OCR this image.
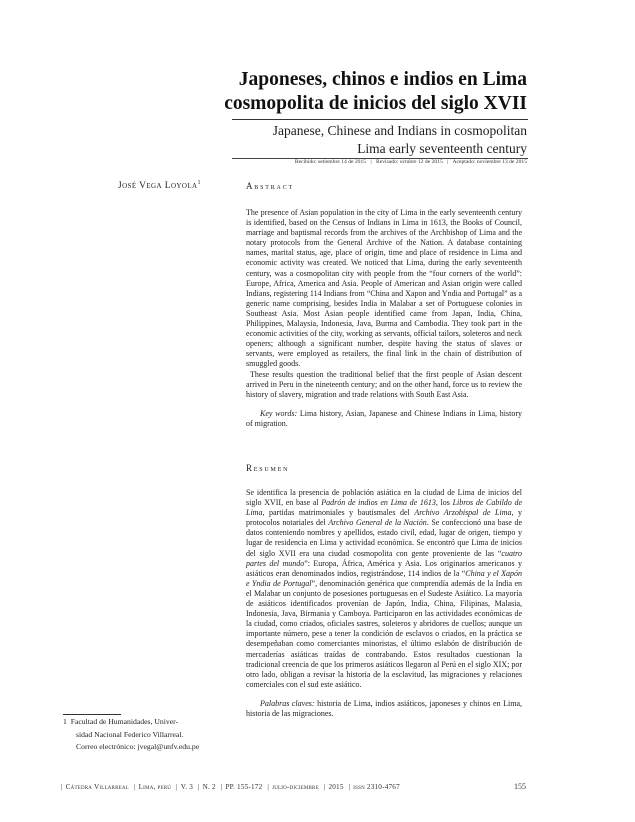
Japoneses, chinos e indios en Lima
cosmopolita de inicios del siglo XVII
Japanese, Chinese and Indians in cosmopolitan
Lima early seventeenth century
Recibido: setiembre 14 de 2015 | Revisado: octubre 12 de 2015 | Aceptado: noviembre 13 de 2015
José Vega Loyola$^1$	Abstract

The presence of Asian population in the city of Lima in the early seventeenth century is identified, based on the Census of Indians in Lima in 1613, the Books of Council, marriage and baptismal records from the archives of the Archbishop of Lima and the notary protocols from the General Archive of the Nation. A database containing names, marital status, age, place of origin, time and place of residence in Lima and economic activity was created. We noticed that Lima, during the early seventeenth century, was a cosmopolitan city with people from the “four corners of the world”: Europe, Africa, America and Asia. People of American and Asian origin were called Indians, registering 114 Indians from “China and Xapon and Yndia and Portugal” as a generic name comprising, besides India in Malabar a set of Portuguese colonies in Southeast Asia. Most Asian people identified came from Japan, India, China, Philippines, Malaysia, Indonesia, Java, Burma and Cambodia. They took part in the economic activities of the city, working as servants, official tailors, soleteros and neck openers; although a significant number, despite having the status of slaves or servants, were employed as retailers, the final link in the chain of distribution of smuggled goods.

These results question the traditional belief that the first people of Asian descent arrived in Peru in the nineteenth century; and on the other hand, force us to review the history of slavery, migration and trade relations with South East Asia.

Key words: Lima history, Asian, Japanese and Chinese Indians in Lima, history of migration.

Resumen

Se identifica la presencia de población asiática en la ciudad de Lima de inicios del siglo XVII, en base al Padrón de indios en Lima de 1613, los Libros de Cabildo de Lima, partidas matrimoniales y bautismales del Archivo Arzobispal de Lima, y protocolos notariales del Archivo General de la Nación. Se confeccionó una base de datos conteniendo nombres y apellidos, estado civil, edad, lugar de origen, tiempo y lugar de residencia en Lima y actividad económica. Se encontró que Lima de inicios del siglo XVII era una ciudad cosmopolita con gente proveniente de las “cuatro partes del mundo”: Europa, África, América y Asia. Los originarios americanos y asiáticos eran denominados indios, registrándose, 114 indios de la “China y el Xapón e Yndia de Portugal”, denominación genérica que comprendía además de la India en el Malabar un conjunto de posesiones portuguesas en el Sudeste Asiático. La mayoría de asiáticos identificados provenían de Japón, India, China, Filipinas, Malasia, Indonesia, Java, Birmania y Camboya. Participaron en las actividades económicas de la ciudad, como criados, oficiales sastres, soleteros y abridores de cuellos; aunque un importante número, pese a tener la condición de esclavos o criados, en la práctica se desempeñaban como comerciantes minoristas, el último eslabón de distribución de mercaderías asiáticas traídas de contrabando. Estos resultados cuestionan la tradicional creencia de que los primeros asiáticos llegaron al Perú en el siglo XIX; por otro lado, obligan a revisar la historia de la esclavitud, las migraciones y relaciones comerciales con el sud este asiático.

Palabras claves: historia de Lima, indios asiáticos, japoneses y chinos en Lima, historia de las migraciones.

1 Facultad de Humanidades, Univer-
sidad Nacional Federico Villarreal.
Correo electrónico: jvegal@unfv.edu.pe
| Cátedra Villarreal | Lima, perú | V. 3 | N. 2 | PP. 155-172 | julio-diciembre | 2015 | issn 2310-4767	155
